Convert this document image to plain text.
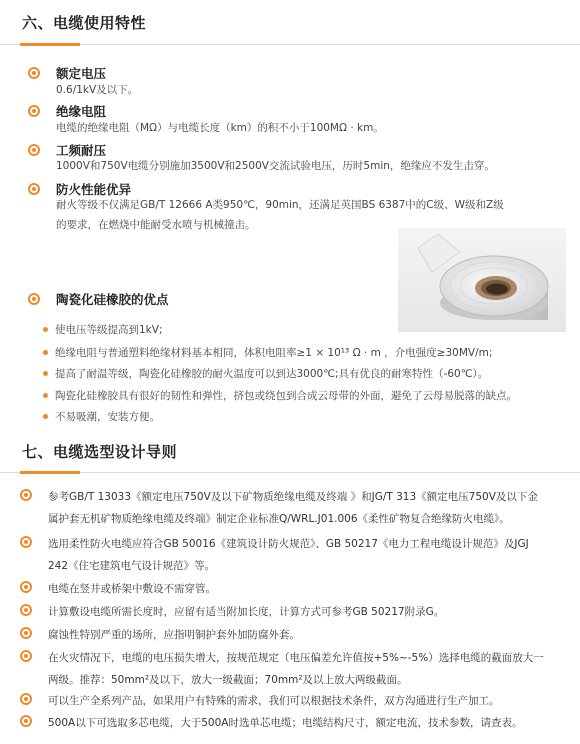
六、电缆使用特性
额定电压
0.6/1kV及以下。
绝缘电阻
电缆的绝缘电阻（MΩ）与电缆长度（km）的积不小于100MΩ · km。
工频耐压
1000V和750V电缆分别施加3500V和2500V交流试验电压，历时5min，绝缘应不发生击穿。
防火性能优异
耐火等级不仅满足GB/T 12666 A类950℃，90min，还满足英国BS 6387中的C级、W级和Z级
的要求，在燃烧中能耐受水喷与机械撞击。
陶瓷化硅橡胶的优点
使电压等级提高到1kV;
绝缘电阻与普通塑料绝缘材料基本相同，体积电阻率≥1 × 10¹³ Ω · m ，介电强度≥30MV/m;
提高了耐温等级，陶瓷化硅橡胶的耐火温度可以到达3000℃;具有优良的耐寒特性（-60℃）。
陶瓷化硅橡胶具有很好的韧性和弹性，挤包或绕包到合成云母带的外面，避免了云母易脱落的缺点。
不易吸潮，安装方便。
七、电缆选型设计导则
参考GB/T 13033《额定电压750V及以下矿物质绝缘电缆及终端 》和JG/T 313《额定电压750V及以下金
属护套无机矿物质绝缘电缆及终端》制定企业标准Q/WRL.J01.006《柔性矿物复合绝缘防火电缆》。
选用柔性防火电缆应符合GB 50016《建筑设计防火规范》、GB 50217《电力工程电缆设计规范》及JGJ
242《住宅建筑电气设计规范》等。
电缆在竖井或桥架中敷设不需穿管。
计算敷设电缆所需长度时，应留有适当附加长度，计算方式可参考GB 50217附录G。
腐蚀性特别严重的场所，应指明铜护套外加防腐外套。
在火灾情况下，电缆的电压损失增大，按规范规定（电压偏差允许值按+5%~-5%）选择电缆的截面放大一
两级。推荐：50mm²及以下，放大一级截面；70mm²及以上放大两级截面。
可以生产全系列产品，如果用户有特殊的需求，我们可以根据技术条件，双方沟通进行生产加工。
500A以下可选取多芯电缆，大于500A时选单芯电缆；电缆结构尺寸，额定电流，技术参数，请查表。
